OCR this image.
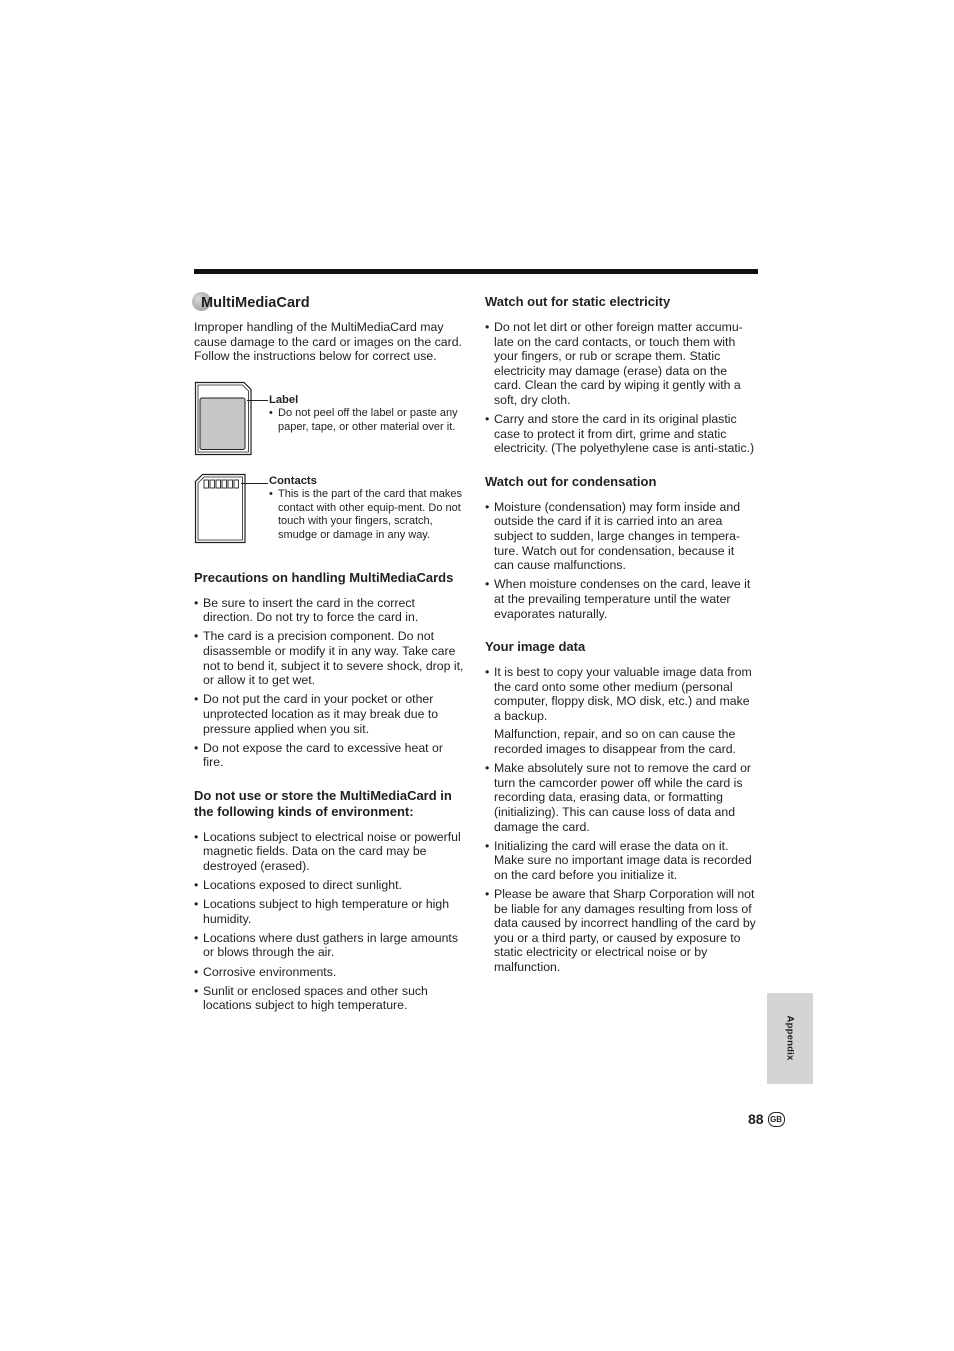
MultiMediaCard

Improper handling of the MultiMediaCard may cause damage to the card or images on the card. Follow the instructions below for correct use.

Label
• Do not peel off the label or paste any paper, tape, or other material over it.
Contacts
• This is the part of the card that makes contact with other equip-ment. Do not touch with your fingers, scratch, smudge or damage in any way.
Precautions on handling MultiMediaCards
• Be sure to insert the card in the correct direction. Do not try to force the card in.
• The card is a precision component. Do not disassemble or modify it in any way. Take care not to bend it, subject it to severe shock, drop it, or allow it to get wet.
• Do not put the card in your pocket or other unprotected location as it may break due to pressure applied when you sit.
• Do not expose the card to excessive heat or fire.
Do not use or store the MultiMediaCard in the following kinds of environment:
• Locations subject to electrical noise or powerful magnetic fields. Data on the card may be destroyed (erased).
• Locations exposed to direct sunlight.
• Locations subject to high temperature or high humidity.
• Locations where dust gathers in large amounts or blows through the air.
• Corrosive environments.
• Sunlit or enclosed spaces and other such locations subject to high temperature.
Watch out for static electricity
• Do not let dirt or other foreign matter accumu-late on the card contacts, or touch them with your fingers, or rub or scrape them. Static electricity may damage (erase) data on the card. Clean the card by wiping it gently with a soft, dry cloth.
• Carry and store the card in its original plastic case to protect it from dirt, grime and static electricity. (The polyethylene case is anti-static.)
Watch out for condensation
• Moisture (condensation) may form inside and outside the card if it is carried into an area subject to sudden, large changes in tempera-ture. Watch out for condensation, because it can cause malfunctions.
• When moisture condenses on the card, leave it at the prevailing temperature until the water evaporates naturally.
Your image data
• It is best to copy your valuable image data from the card onto some other medium (personal computer, floppy disk, MO disk, etc.) and make a backup.

Malfunction, repair, and so on can cause the recorded images to disappear from the card.

• Make absolutely sure not to remove the card or turn the camcorder power off while the card is recording data, erasing data, or formatting (initializing). This can cause loss of data and damage the card.
• Initializing the card will erase the data on it. Make sure no important image data is recorded on the card before you initialize it.
• Please be aware that Sharp Corporation will not be liable for any damages resulting from loss of data caused by incorrect handling of the card by you or a third party, or caused by exposure to static electricity or electrical noise or by malfunction.
Appendix
88 GB
